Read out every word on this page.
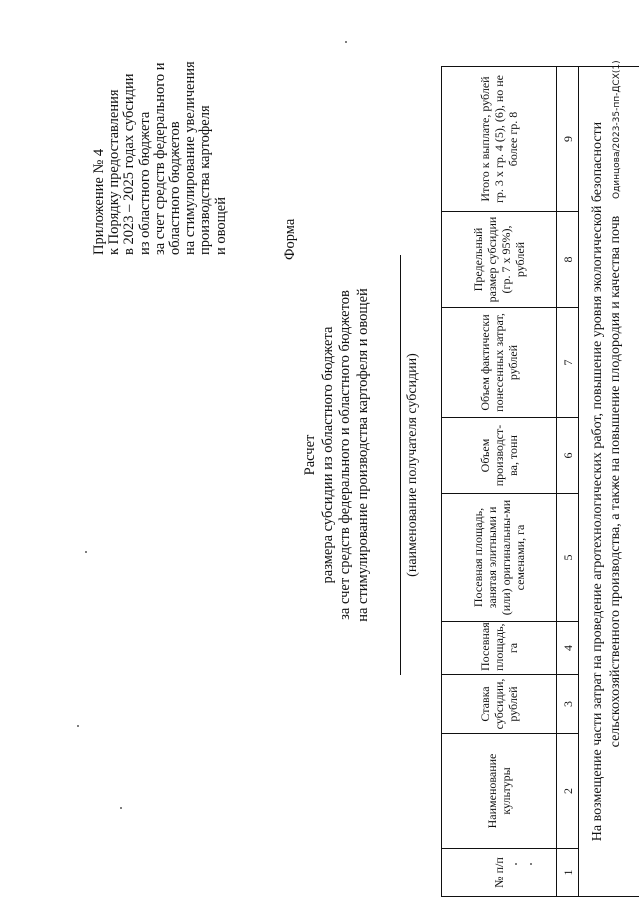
Приложение № 4 к Порядку предоставления в 2023 – 2025 годах субсидии из областного бюджета за счет средств федерального и областного бюджетов на стимулирование увеличения производства картофеля и овощей	Форма
Расчет размера субсидии из областного бюджета за счет средств федерального и областного бюджетов на стимулирование производства картофеля и овощей (наименование получателя субсидии)
№ п/п	Наименование культуры	Ставка субсидии, рублей	Посевная площадь, га	Посевная площадь, занятая элитными и (или) оригинальны-ми семенами, га	Объем производст-ва, тонн	Объем фактически понесенных затрат, рублей	Предельный размер субсидии (гр. 7 x 95%), рублей	Итого к выплате, рублей гр. 3 x гр. 4 (5), (6), но не более гр. 8
1	2	3	4	5	6	7	8	9
На возмещение части затрат на проведение агротехнологических работ, повышение уровня экологической безопасности сельскохозяйственного производства, а также на повышение плодородия и качества почв								
Одинцова/2023-35-пп-ДСХ(1)
